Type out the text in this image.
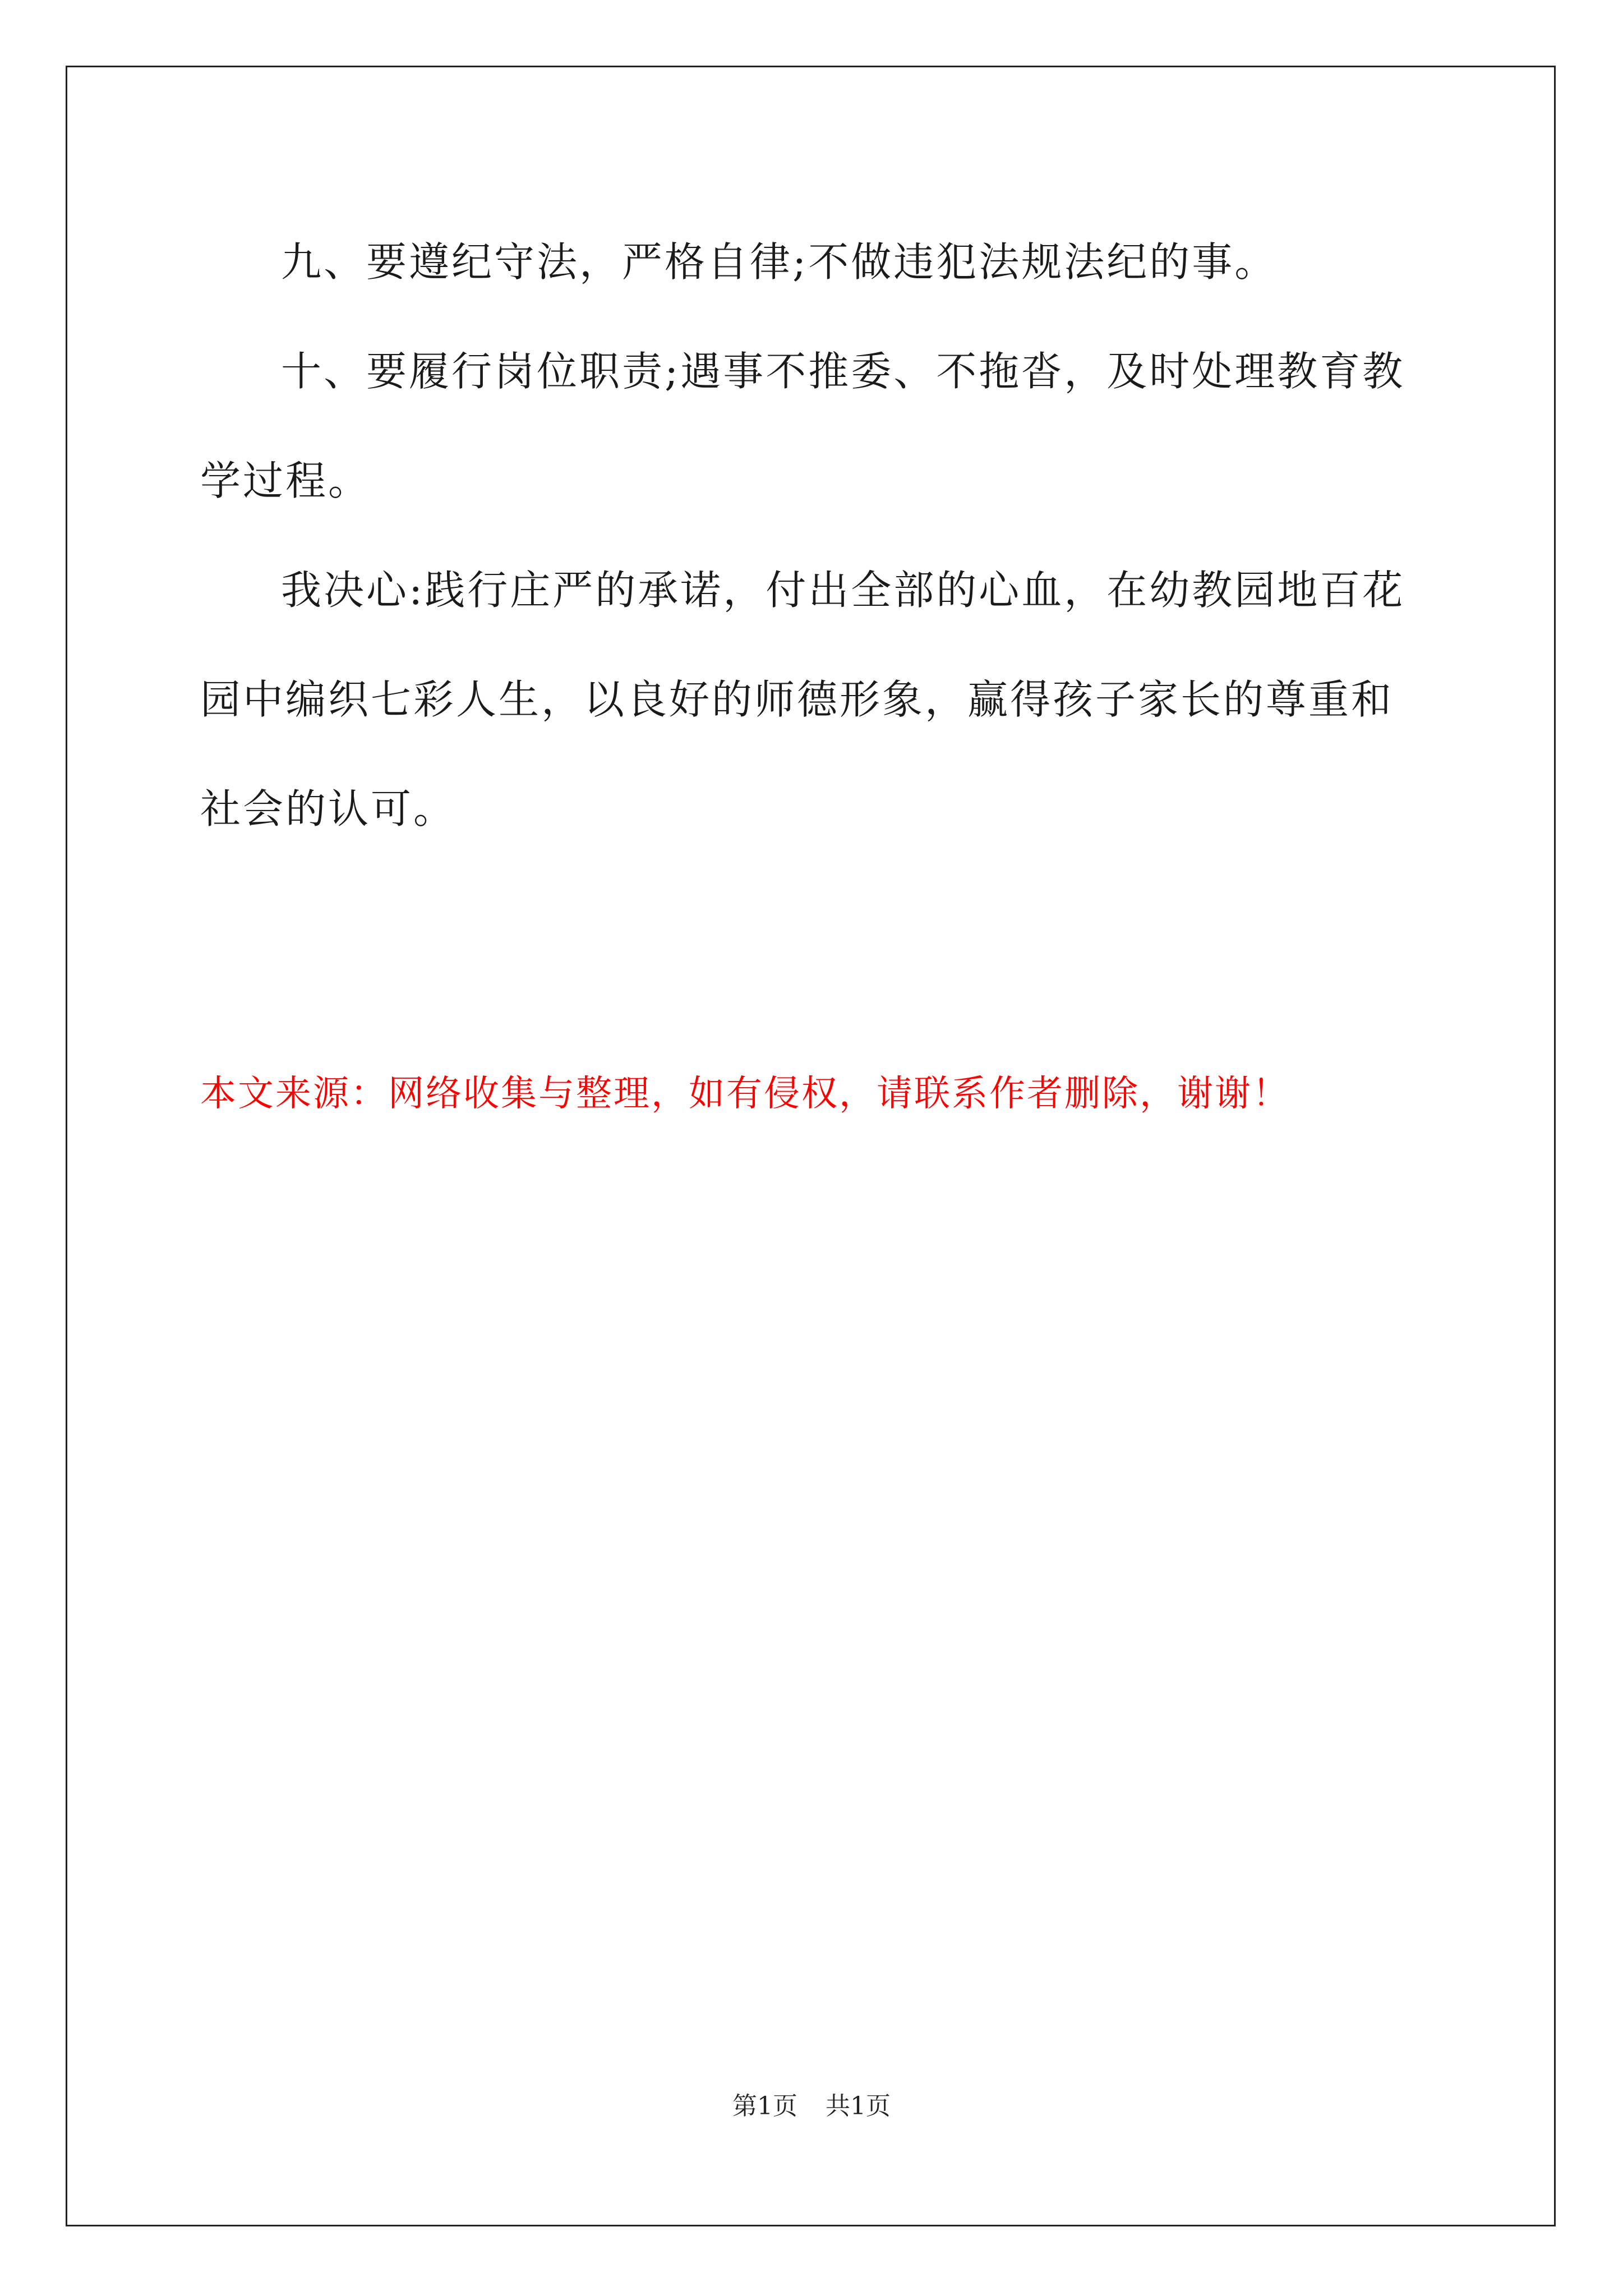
九、要遵纪守法，严格自律;不做违犯法规法纪的事。

十、要履行岗位职责;遇事不推委、不拖沓，及时处理教育教学过程。

我决心:践行庄严的承诺，付出全部的心血，在幼教园地百花园中编织七彩人生，以良好的师德形象，赢得孩子家长的尊重和社会的认可。

本文来源：网络收集与整理，如有侵权，请联系作者删除，谢谢！

第1页 共1页
